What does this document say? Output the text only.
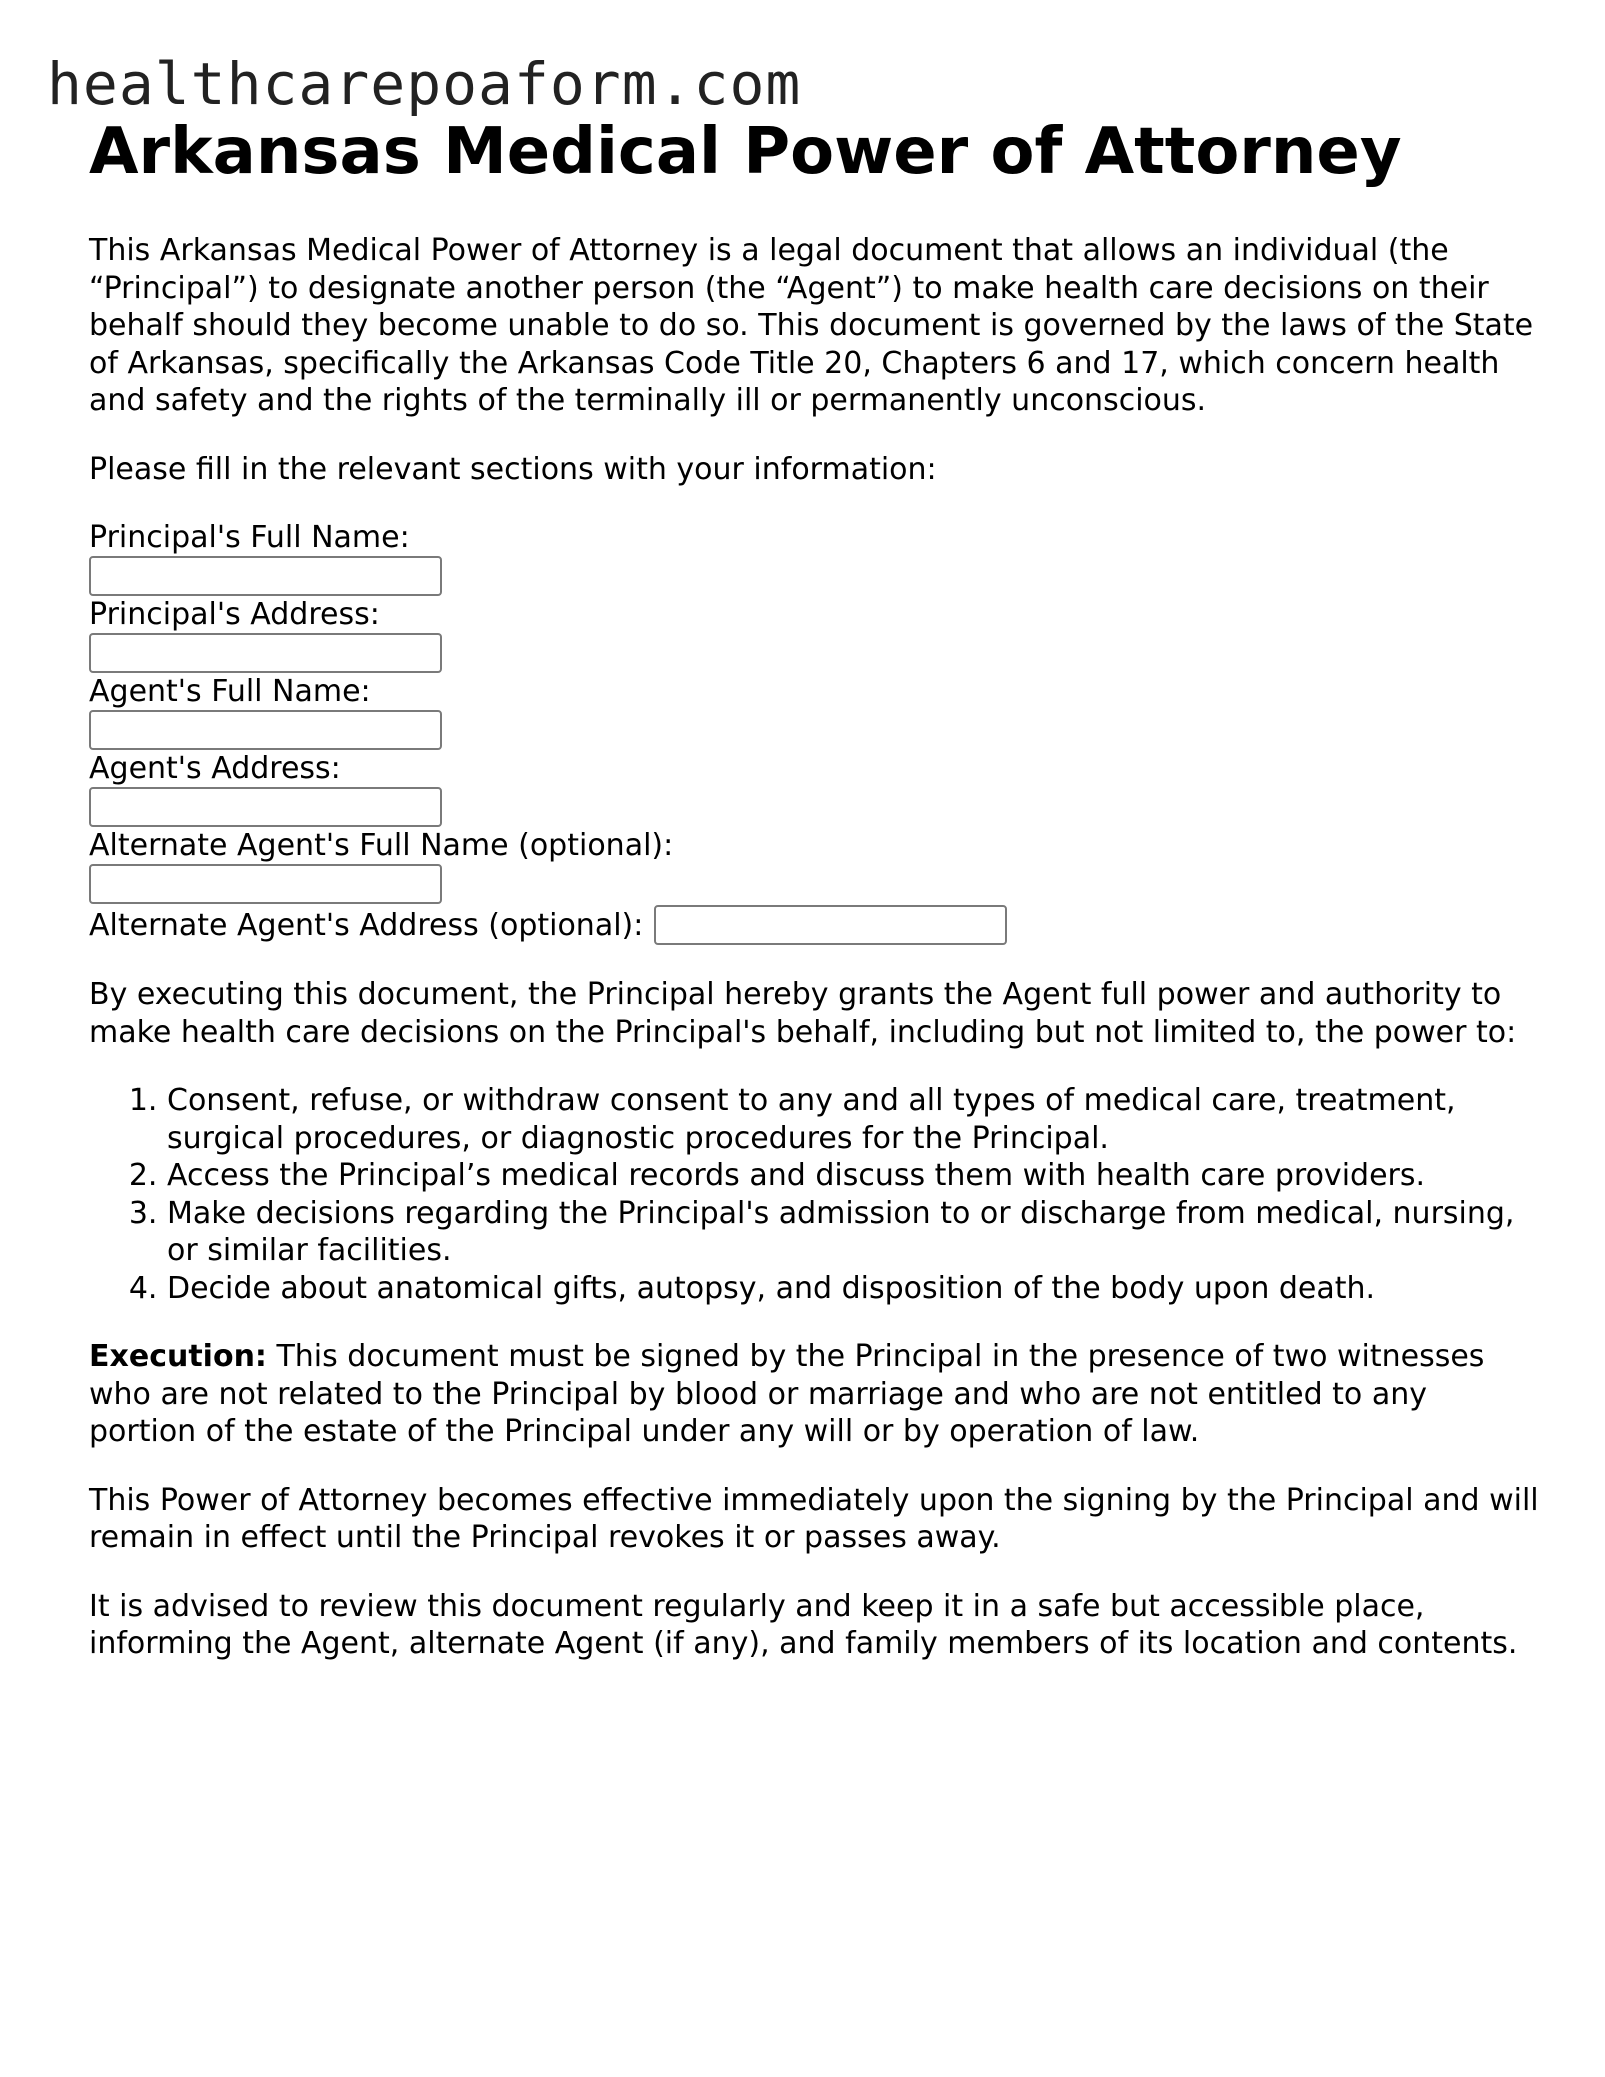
healthcarepoaform.com
Arkansas Medical Power of Attorney

This Arkansas Medical Power of Attorney is a legal document that allows an individual (the “Principal”) to designate another person (the “Agent”) to make health care decisions on their behalf should they become unable to do so. This document is governed by the laws of the State of Arkansas, specifically the Arkansas Code Title 20, Chapters 6 and 17, which concern health and safety and the rights of the terminally ill or permanently unconscious.

Please fill in the relevant sections with your information:

Principal's Full Name:
Principal's Address:
Agent's Full Name:
Agent's Address:
Alternate Agent's Full Name (optional):
Alternate Agent's Address (optional):

By executing this document, the Principal hereby grants the Agent full power and authority to make health care decisions on the Principal's behalf, including but not limited to, the power to:

1. Consent, refuse, or withdraw consent to any and all types of medical care, treatment, surgical procedures, or diagnostic procedures for the Principal.
2. Access the Principal’s medical records and discuss them with health care providers.
3. Make decisions regarding the Principal's admission to or discharge from medical, nursing, or similar facilities.
4. Decide about anatomical gifts, autopsy, and disposition of the body upon death.

Execution: This document must be signed by the Principal in the presence of two witnesses who are not related to the Principal by blood or marriage and who are not entitled to any portion of the estate of the Principal under any will or by operation of law.

This Power of Attorney becomes effective immediately upon the signing by the Principal and will remain in effect until the Principal revokes it or passes away.

It is advised to review this document regularly and keep it in a safe but accessible place, informing the Agent, alternate Agent (if any), and family members of its location and contents.
